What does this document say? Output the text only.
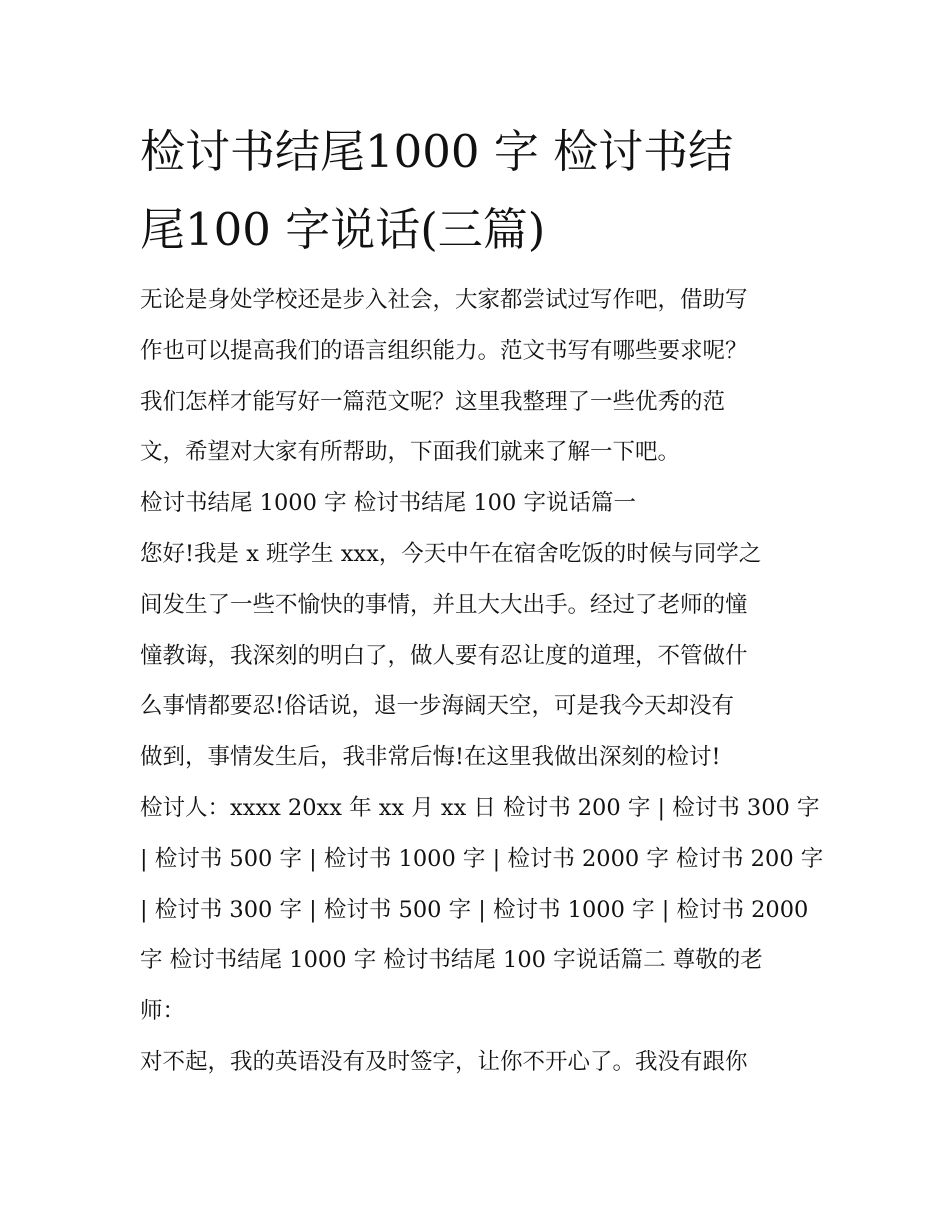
检讨书结尾1000 字 检讨书结
尾100 字说话(三篇)
无论是身处学校还是步入社会，大家都尝试过写作吧，借助写
作也可以提高我们的语言组织能力。范文书写有哪些要求呢？
我们怎样才能写好一篇范文呢？这里我整理了一些优秀的范
文，希望对大家有所帮助，下面我们就来了解一下吧。
检讨书结尾 1000 字 检讨书结尾 100 字说话篇一
您好!我是 x 班学生 xxx，今天中午在宿舍吃饭的时候与同学之
间发生了一些不愉快的事情，并且大大出手。经过了老师的憧
憧教诲，我深刻的明白了，做人要有忍让度的道理，不管做什
么事情都要忍!俗话说，退一步海阔天空，可是我今天却没有
做到，事情发生后，我非常后悔!在这里我做出深刻的检讨!
检讨人：xxxx 20xx 年 xx 月 xx 日 检讨书 200 字 | 检讨书 300 字
| 检讨书 500 字 | 检讨书 1000 字 | 检讨书 2000 字 检讨书 200 字
| 检讨书 300 字 | 检讨书 500 字 | 检讨书 1000 字 | 检讨书 2000
字 检讨书结尾 1000 字 检讨书结尾 100 字说话篇二 尊敬的老
师：
对不起，我的英语没有及时签字，让你不开心了。我没有跟你
